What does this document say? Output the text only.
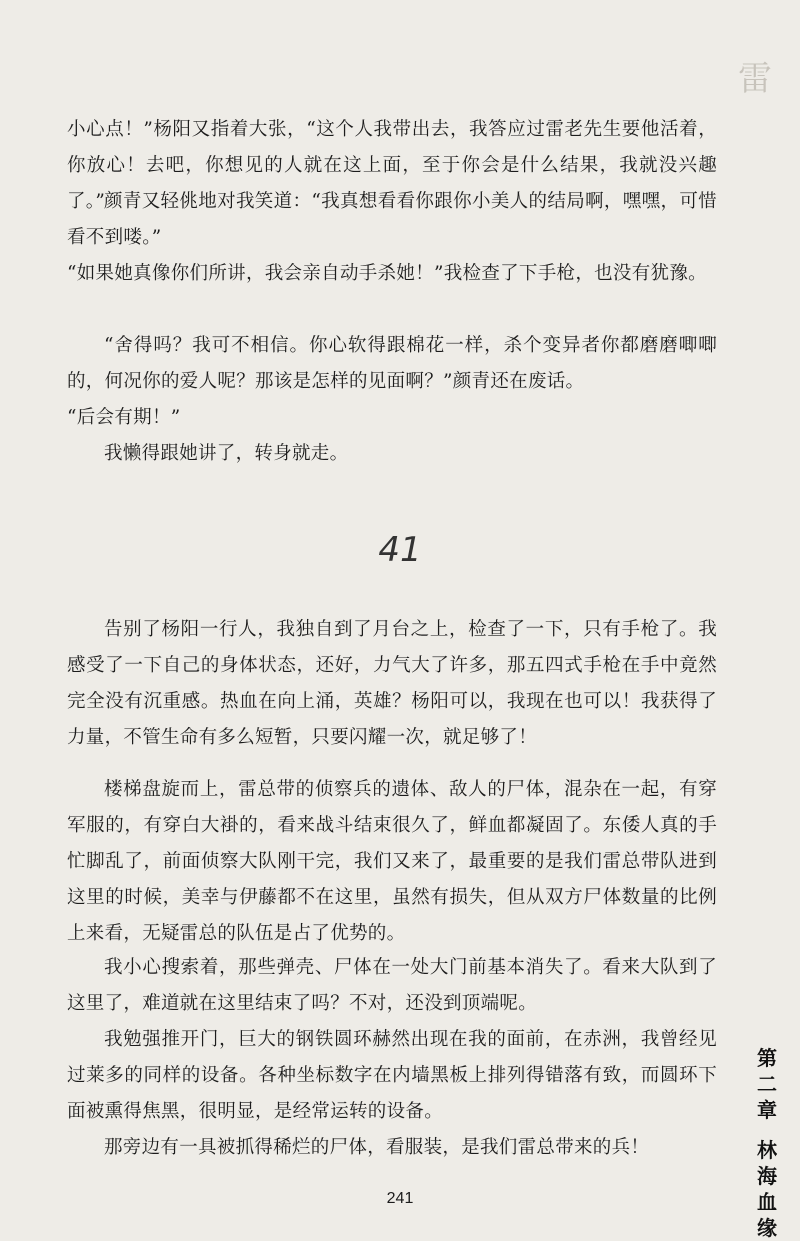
雷
小心点！”杨阳又指着大张，“这个人我带出去，我答应过雷老先生要他活着，你放心！去吧，你想见的人就在这上面，至于你会是什么结果，我就没兴趣了。”
颜青又轻佻地对我笑道：“我真想看看你跟你小美人的结局啊，嘿嘿，可惜看不到喽。”
“如果她真像你们所讲，我会亲自动手杀她！”我检查了下手枪，也没有犹豫。
“舍得吗？我可不相信。你心软得跟棉花一样，杀个变异者你都磨磨唧唧的，何况你的爱人呢？那该是怎样的见面啊？”颜青还在废话。
“后会有期！”
我懒得跟她讲了，转身就走。
41
告别了杨阳一行人，我独自到了月台之上，检查了一下，只有手枪了。我感受了一下自己的身体状态，还好，力气大了许多，那五四式手枪在手中竟然完全没有沉重感。热血在向上涌，英雄？杨阳可以，我现在也可以！我获得了力量，不管生命有多么短暂，只要闪耀一次，就足够了！
楼梯盘旋而上，雷总带的侦察兵的遗体、敌人的尸体，混杂在一起，有穿军服的，有穿白大褂的，看来战斗结束很久了，鲜血都凝固了。东倭人真的手忙脚乱了，前面侦察大队刚干完，我们又来了，最重要的是我们雷总带队进到这里的时候，美幸与伊藤都不在这里，虽然有损失，但从双方尸体数量的比例上来看，无疑雷总的队伍是占了优势的。
我小心搜索着，那些弹壳、尸体在一处大门前基本消失了。看来大队到了这里了，难道就在这里结束了吗？不对，还没到顶端呢。
我勉强推开门，巨大的钢铁圆环赫然出现在我的面前，在赤洲，我曾经见过莱多的同样的设备。各种坐标数字在内墙黑板上排列得错落有致，而圆环下面被熏得焦黑，很明显，是经常运转的设备。
那旁边有一具被抓得稀烂的尸体，看服装，是我们雷总带来的兵！
第
二
章
林
海
血
缘
241
